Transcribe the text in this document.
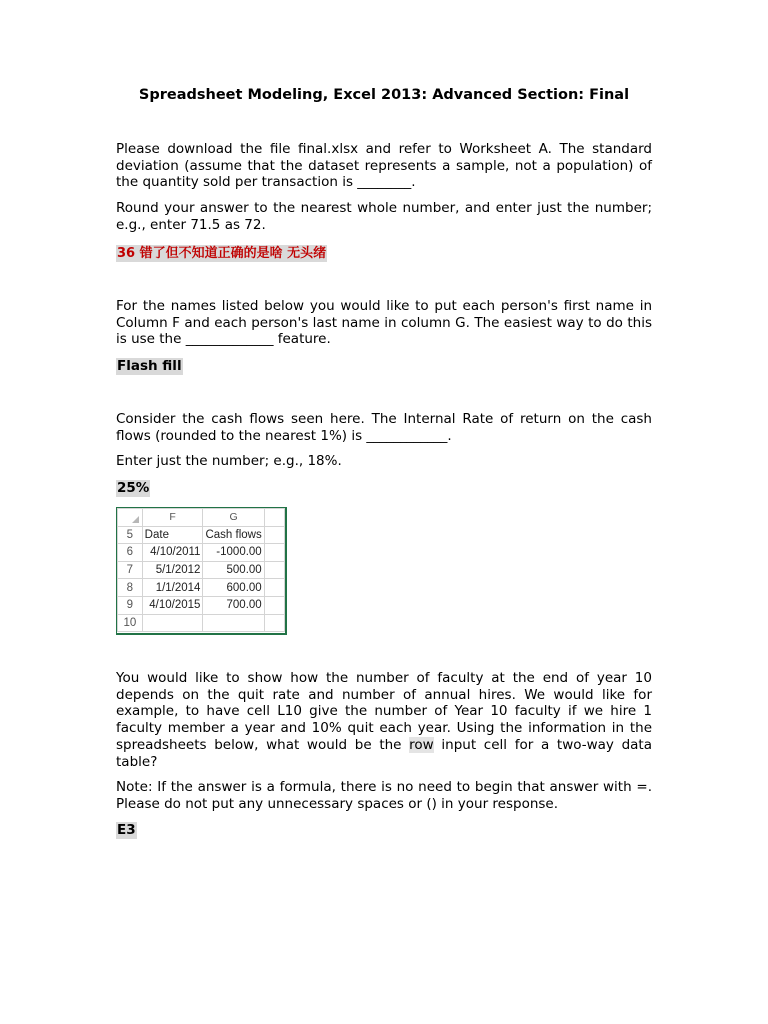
Spreadsheet Modeling, Excel 2013: Advanced Section: Final

Please download the file final.xlsx and refer to Worksheet A. The standard deviation (assume that the dataset represents a sample, not a population) of the quantity sold per transaction is ________.

Round your answer to the nearest whole number, and enter just the number; e.g., enter 71.5 as 72.

36 错了但不知道正确的是啥 无头绪

For the names listed below you would like to put each person's first name in Column F and each person's last name in column G. The easiest way to do this is use the _____________ feature.

Flash fill

Consider the cash flows seen here. The Internal Rate of return on the cash flows (rounded to the nearest 1%) is ____________.

Enter just the number; e.g., 18%.

25%
	F	G	
5	Date	Cash flows	
6	4/10/2011	-1000.00	
7	5/1/2012	500.00	
8	1/1/2014	600.00	
9	4/10/2015	700.00	
10			

You would like to show how the number of faculty at the end of year 10 depends on the quit rate and number of annual hires. We would like for example, to have cell L10 give the number of Year 10 faculty if we hire 1 faculty member a year and 10% quit each year. Using the information in the spreadsheets below, what would be the row input cell for a two-way data table?

Note: If the answer is a formula, there is no need to begin that answer with =. Please do not put any unnecessary spaces or () in your response.

E3
